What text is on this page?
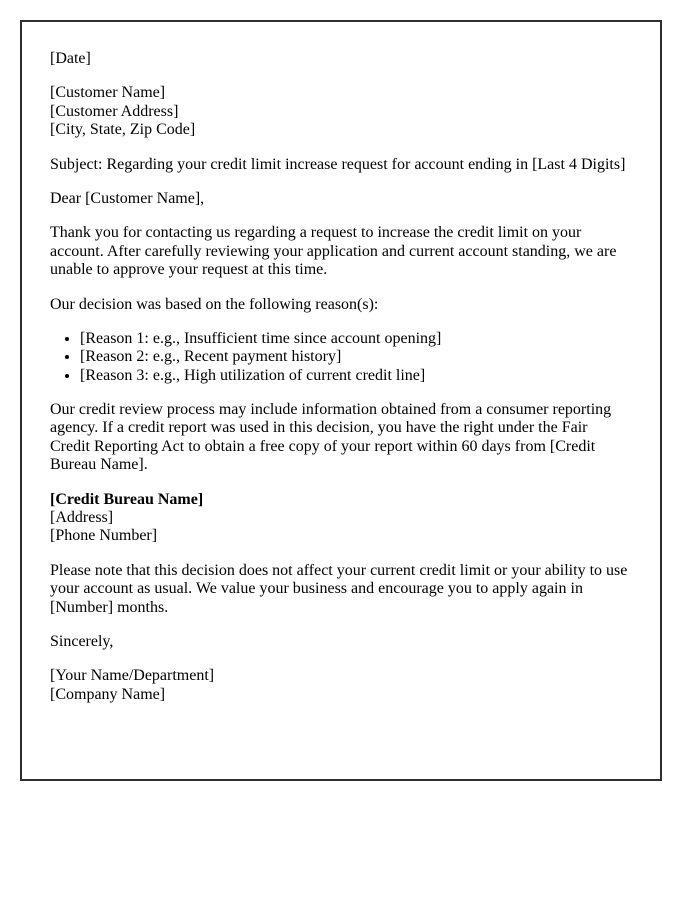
[Date]

[Customer Name]
[Customer Address]
[City, State, Zip Code]

Subject: Regarding your credit limit increase request for account ending in [Last 4 Digits]

Dear [Customer Name],

Thank you for contacting us regarding a request to increase the credit limit on your account. After carefully reviewing your application and current account standing, we are unable to approve your request at this time.

Our decision was based on the following reason(s):

• [Reason 1: e.g., Insufficient time since account opening]
• [Reason 2: e.g., Recent payment history]
• [Reason 3: e.g., High utilization of current credit line]

Our credit review process may include information obtained from a consumer reporting agency. If a credit report was used in this decision, you have the right under the Fair Credit Reporting Act to obtain a free copy of your report within 60 days from [Credit Bureau Name].

[Credit Bureau Name]
[Address]
[Phone Number]

Please note that this decision does not affect your current credit limit or your ability to use your account as usual. We value your business and encourage you to apply again in [Number] months.

Sincerely,

[Your Name/Department]
[Company Name]
